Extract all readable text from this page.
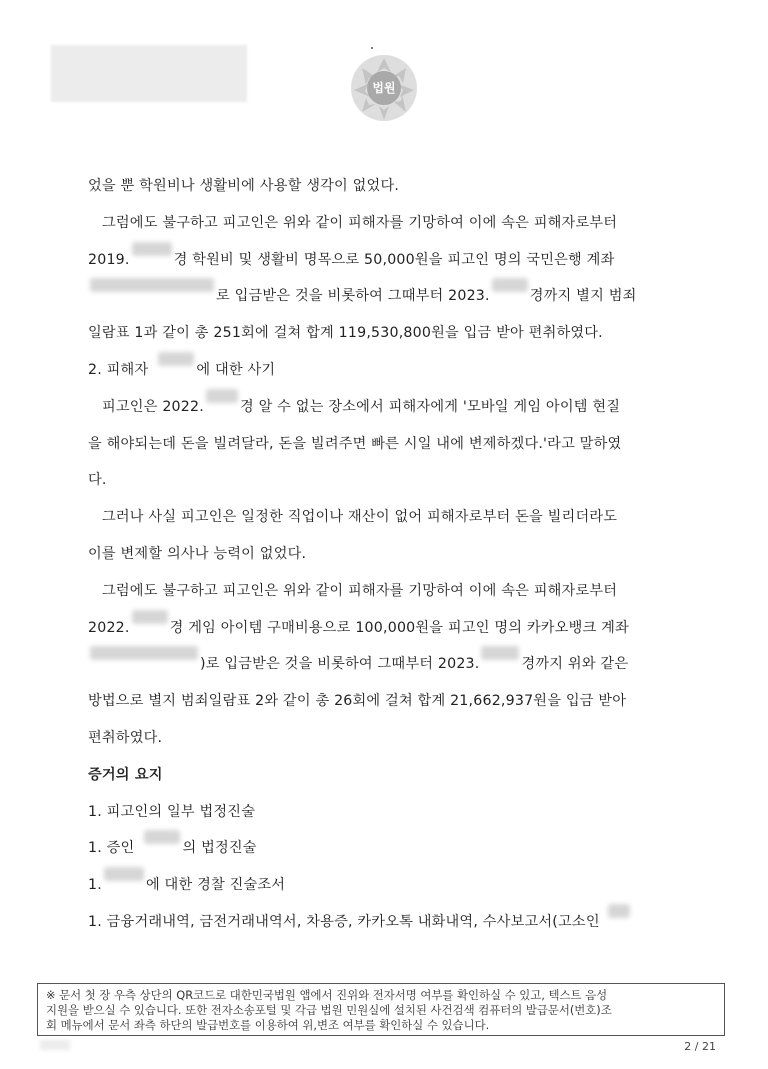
법원
었을 뿐 학원비나 생활비에 사용할 생각이 없었다.
그럼에도 불구하고 피고인은 위와 같이 피해자를 기망하여 이에 속은 피해자로부터
2019.	경 학원비 및 생활비 명목으로 50,000원을 피고인 명의 국민은행 계좌
로 입금받은 것을 비롯하여 그때부터 2023.	경까지 별지 범죄
일람표 1과 같이 총 251회에 걸쳐 합계 119,530,800원을 입금 받아 편취하였다.
2. 피해자	에 대한 사기
피고인은 2022.	경 알 수 없는 장소에서 피해자에게 '모바일 게임 아이템 현질
을 해야되는데 돈을 빌려달라, 돈을 빌려주면 빠른 시일 내에 변제하겠다.'라고 말하였
다.
그러나 사실 피고인은 일정한 직업이나 재산이 없어 피해자로부터 돈을 빌리더라도
이를 변제할 의사나 능력이 없었다.
그럼에도 불구하고 피고인은 위와 같이 피해자를 기망하여 이에 속은 피해자로부터
2022.	경 게임 아이템 구매비용으로 100,000원을 피고인 명의 카카오뱅크 계좌
)로 입금받은 것을 비롯하여 그때부터 2023.	경까지 위와 같은
방법으로 별지 범죄일람표 2와 같이 총 26회에 걸쳐 합계 21,662,937원을 입금 받아
편취하였다.
증거의 요지
1. 피고인의 일부 법정진술
1. 증인	의 법정진술
1.	에 대한 경찰 진술조서
1. 금융거래내역, 금전거래내역서, 차용증, 카카오톡 내화내역, 수사보고서(고소인
※ 문서 첫 장 우측 상단의 QR코드로 대한민국법원 앱에서 진위와 전자서명 여부를 확인하실 수 있고, 텍스트 음성
지원을 받으실 수 있습니다. 또한 전자소송포털 및 각급 법원 민원실에 설치된 사건검색 컴퓨터의 발급문서(번호)조
회 메뉴에서 문서 좌측 하단의 발급번호를 이용하여 위,변조 여부를 확인하실 수 있습니다.
2 / 21
